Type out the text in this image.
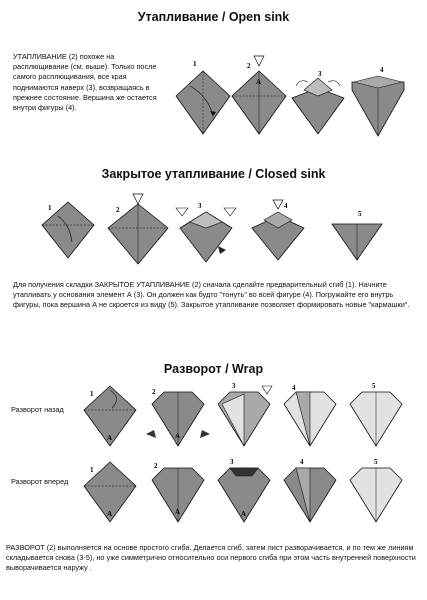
Утапливание / Open sink
УТАПЛИВАНИЕ (2) похоже на расплющивание (см. выше). Только после самого расплющивания, все края поднимаются наверх (3), возвращаясь в прежнее состояние. Вершина же остается внутри фигуры (4).
1	2
A
3	4
Закрытое утапливание / Closed sink
1	2	3	4
5
Для получения складки ЗАКРЫТОЕ УТАПЛИВАНИЕ (2) сначала сделайте предварительный сгиб (1). Начните утапливать у основания элемент А (3). Он должен как будто "тонуть" во всей фигуре (4). Погружайте его внутрь фигуры, пока вершина А не скроется из виду (5). Закрытое утапливание позволяет формировать новые "кармашки".
Разворот / Wrap
Разворот назад
Разворот вперед
1
A
2
A
3	4	5
1
A
2
A
3
A
4	5
РАЗВОРОТ (2) выполняется на основе простого сгиба. Делается сгиб, затем лист разворачивается, и по тем же линиям складывается снова (3-5), но уже симметрично относительно оси первого сгиба при этом часть внутренней поверхности выворачивается наружу .
